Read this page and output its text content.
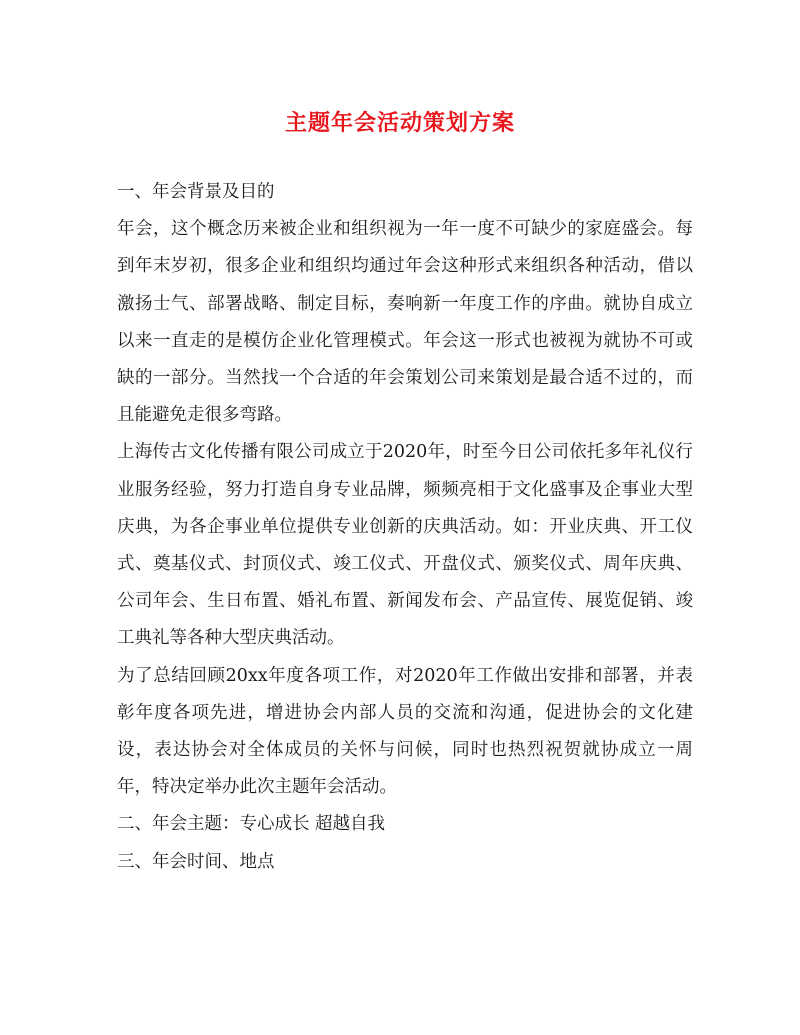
主题年会活动策划方案

一、年会背景及目的

年会，这个概念历来被企业和组织视为一年一度不可缺少的家庭盛会。每到年末岁初，很多企业和组织均通过年会这种形式来组织各种活动，借以激扬士气、部署战略、制定目标，奏响新一年度工作的序曲。就协自成立以来一直走的是模仿企业化管理模式。年会这一形式也被视为就协不可或缺的一部分。当然找一个合适的年会策划公司来策划是最合适不过的，而且能避免走很多弯路。

上海传古文化传播有限公司成立于2020年，时至今日公司依托多年礼仪行业服务经验，努力打造自身专业品牌，频频亮相于文化盛事及企事业大型庆典，为各企事业单位提供专业创新的庆典活动。如：开业庆典、开工仪式、奠基仪式、封顶仪式、竣工仪式、开盘仪式、颁奖仪式、周年庆典、公司年会、生日布置、婚礼布置、新闻发布会、产品宣传、展览促销、竣工典礼等各种大型庆典活动。

为了总结回顾20xx年度各项工作，对2020年工作做出安排和部署，并表彰年度各项先进，增进协会内部人员的交流和沟通，促进协会的文化建设，表达协会对全体成员的关怀与问候，同时也热烈祝贺就协成立一周年，特决定举办此次主题年会活动。

二、年会主题：专心成长 超越自我

三、年会时间、地点
